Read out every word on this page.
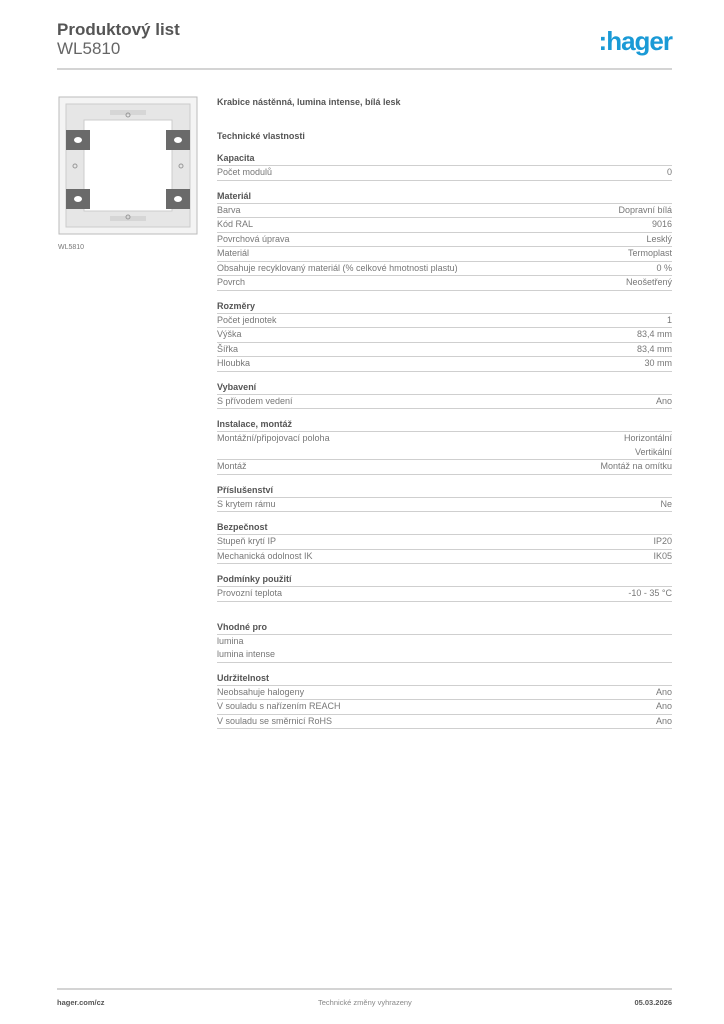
Produktový list
WL5810	:hager
WL5810
Krabice nástěnná, lumina intense, bílá lesk
Technické vlastnosti
Kapacita
Počet modulů	0
Materiál
Barva	Dopravní bílá
Kód RAL	9016
Povrchová úprava	Lesklý
Materiál	Termoplast
Obsahuje recyklovaný materiál (% celkové hmotnosti plastu)	0 %
Povrch	Neošetřený
Rozměry
Počet jednotek	1
Výška	83,4 mm
Šířka	83,4 mm
Hloubka	30 mm
Vybavení
S přívodem vedení	Ano
Instalace, montáž
Montážní/připojovací poloha	Horizontální
Vertikální
Montáž	Montáž na omítku
Příslušenství
S krytem rámu	Ne
Bezpečnost
Stupeň krytí IP	IP20
Mechanická odolnost IK	IK05
Podmínky použití
Provozní teplota	-10 - 35 °C
Vhodné pro
lumina
lumina intense
Udržitelnost
Neobsahuje halogeny	Ano
V souladu s nařízením REACH	Ano
V souladu se směrnicí RoHS	Ano
hager.com/cz	Technické změny vyhrazeny	05.03.2026
